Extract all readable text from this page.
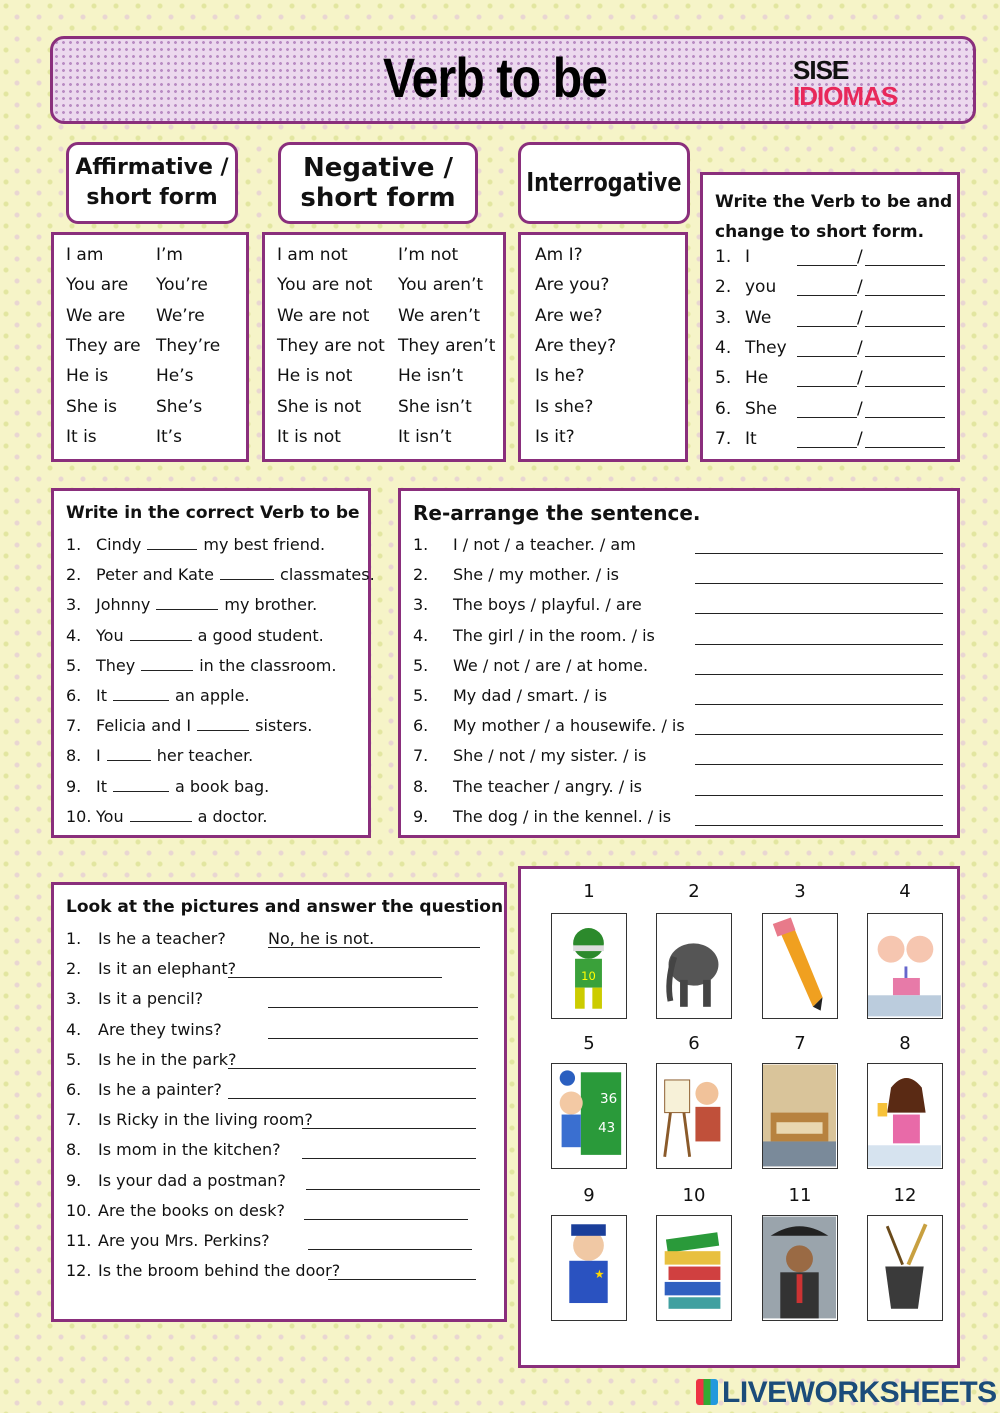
Verb to be	SISE
IDIOMAS
Affirmative /
short form
Negative /
short form	Interrogative
I am	I’m
You are You’re
We are We’re
They are They’re
He is	He’s
She is She’s
It is	It’s
I am not	I’m not
You are not You aren’t
We are not We aren’t
They are not They aren’t
He is not	He isn’t
She is not She isn’t
It is not	It isn’t
Am I?
Are you?
Are we?
Are they?
Is he?
Is she?
Is it?
Write the Verb to be and
change to short form.
1. I	/
2. you	/
3. We	/
4. They	/
5. He	/
6. She	/
7. It	/
Write in the correct Verb to be
1. Cindy	my best friend.
2. Peter and Kate	classmates.
3. Johnny	my brother.
4. You	a good student.
5. They	in the classroom.
6. It	an apple.
7. Felicia and I	sisters.
8. I	her teacher.
9. It	a book bag.
10. You	a doctor.
Re-arrange the sentence.
1. I / not / a teacher. / am
2. She / my mother. / is
3. The boys / playful. / are
4. The girl / in the room. / is
5. We / not / are / at home.
5. My dad / smart. / is
6. My mother / a housewife. / is
7. She / not / my sister. / is
8. The teacher / angry. / is
9. The dog / in the kennel. / is
Look at the pictures and answer the question
1. Is he a teacher?	No, he is not.
2. Is it an elephant?
3. Is it a pencil?
4. Are they twins?
5. Is he in the park?
6. Is he a painter?
7. Is Ricky in the living room?
8. Is mom in the kitchen?
9. Is your dad a postman?
10. Are the books on desk?
11. Are you Mrs. Perkins?
12. Is the broom behind the door?
1
10
2	3	4
5
36
43
6	7	8
9
★
10	11	12
LIVEWORKSHEETS
